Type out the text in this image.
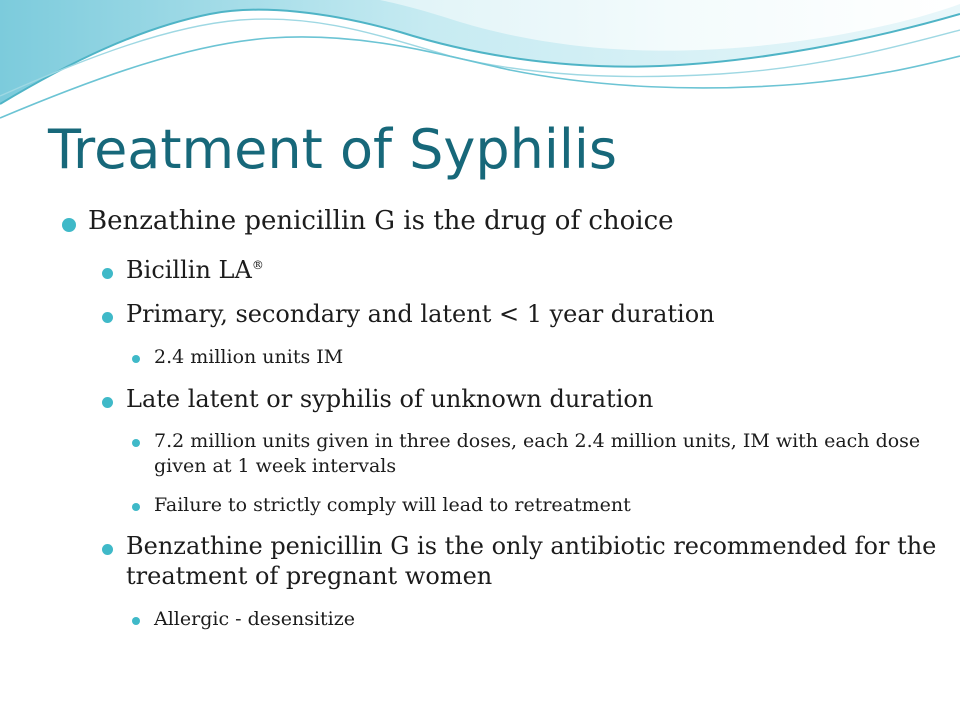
Treatment of Syphilis
Benzathine penicillin G is the drug of choice
Bicillin LA®
Primary, secondary and latent < 1 year duration
2.4 million units IM
Late latent or syphilis of unknown duration
7.2 million units given in three doses, each 2.4 million units, IM with each dose given at 1 week intervals
Failure to strictly comply will lead to retreatment
Benzathine penicillin G is the only antibiotic recommended for the treatment of pregnant women
Allergic - desensitize
